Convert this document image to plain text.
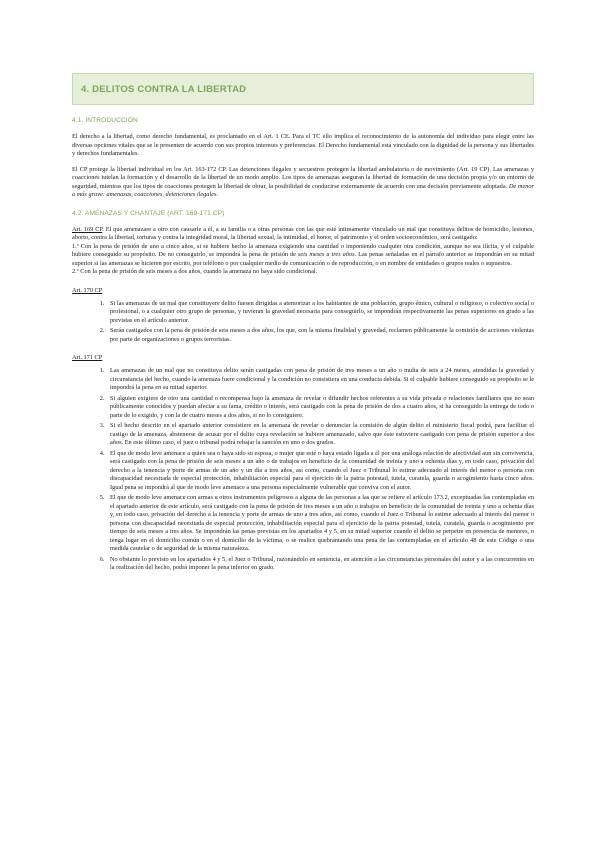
4. DELITOS CONTRA LA LIBERTAD
4.1. INTRODUCCIÓN

El derecho a la libertad, como derecho fundamental, es proclamado en el Art. 1 CE. Para el TC ello implica el reconocimiento de la autonomía del individuo para elegir entre las diversas opciones vitales que se le presenten de acuerdo con sus propios intereses y preferencias. El Derecho fundamental está vinculado con la dignidad de la persona y sus libertades y derechos fundamentales.

El CP protege la libertad individual en los Art. 163-172 CP. Las detenciones ilegales y secuestros protegen la libertad ambulatoria o de movimiento (Art. 19 CP). Las amenazas y coacciones tutelan la formación y el desarrollo de la libertad de un modo amplio. Los tipos de amenazas aseguran la libertad de formación de una decisión propia y/o un entorno de seguridad, mientras que los tipos de coacciones protegen la libertad de obrar, la posibilidad de conducirse externamente de acuerdo con una decisión previamente adoptada. De menor a más grave: amenazas, coacciones, detenciones ilegales.

4.2. AMENAZAS Y CHANTAJE (ART. 169-171 CP)

Art. 169 CP. El que amenazare a otro con causarle a él, a su familia o a otras personas con las que esté íntimamente vinculado un mal que constituya delitos de homicidio, lesiones, aborto, contra la libertad, torturas y contra la integridad moral, la libertad sexual, la intimidad, el honor, el patrimonio y el orden socioeconómico, será castigado:

1.º Con la pena de prisión de uno a cinco años, si se hubiere hecho la amenaza exigiendo una cantidad o imponiendo cualquier otra condición, aunque no sea ilícita, y el culpable hubiere conseguido su propósito. De no conseguirlo, se impondrá la pena de prisión de seis meses a tres años. Las penas señaladas en el párrafo anterior se impondrán en su mitad superior si las amenazas se hicieren por escrito, por teléfono o por cualquier medio de comunicación o de reproducción, o en nombre de entidades o grupos reales o supuestos.

2.º Con la pena de prisión de seis meses a dos años, cuando la amenaza no haya sido condicional.

Art. 170 CP
1. Si las amenazas de un mal que constituyere delito fuesen dirigidas a atemorizar a los habitantes de una población, grupo étnico, cultural o religioso, o colectivo social o profesional, o a cualquier otro grupo de personas, y tuvieran la gravedad necesaria para conseguirlo, se impondrán respectivamente las penas superiores en grado a las previstas en el artículo anterior.
2. Serán castigados con la pena de prisión de seis meses a dos años, los que, con la misma finalidad y gravedad, reclamen públicamente la comisión de acciones violentas por parte de organizaciones o grupos terroristas.
Art. 171 CP
1. Las amenazas de un mal que no constituya delito serán castigadas con pena de prisión de tres meses a un año o multa de seis a 24 meses, atendidas la gravedad y circunstancia del hecho, cuando la amenaza fuere condicional y la condición no consistiera en una conducta debida. Si el culpable hubiere conseguido su propósito se le impondrá la pena en su mitad superior.
2. Si alguien exigiere de otro una cantidad o recompensa bajo la amenaza de revelar o difundir hechos referentes a su vida privada o relaciones familiares que no sean públicamente conocidos y puedan afectar a su fama, crédito o interés, será castigado con la pena de prisión de dos a cuatro años, si ha conseguido la entrega de todo o parte de lo exigido, y con la de cuatro meses a dos años, si no lo consiguiere.
3. Si el hecho descrito en el apartado anterior consistiere en la amenaza de revelar o denunciar la comisión de algún delito el ministerio fiscal podrá, para facilitar el castigo de la amenaza, abstenerse de acusar por el delito cuya revelación se hubiere amenazado, salvo que éste estuviere castigado con pena de prisión superior a dos años. En este último caso, el juez o tribunal podrá rebajar la sanción en uno o dos grados.
4. El que de modo leve amenace a quien sea o haya sido su esposa, o mujer que esté o haya estado ligada a él por una análoga relación de afectividad aun sin convivencia, será castigado con la pena de prisión de seis meses a un año o de trabajos en beneficio de la comunidad de treinta y uno a ochenta días y, en todo caso, privación del derecho a la tenencia y porte de armas de un año y un día a tres años, así como, cuando el Juez o Tribunal lo estime adecuado al interés del menor o persona con discapacidad necesitada de especial protección, inhabilitación especial para el ejercicio de la patria potestad, tutela, curatela, guarda o acogimiento hasta cinco años. Igual pena se impondrá al que de modo leve amenace a una persona especialmente vulnerable que conviva con el autor.
5. El que de modo leve amenace con armas u otros instrumentos peligrosos a alguna de las personas a las que se refiere el artículo 173.2, exceptuadas las contempladas en el apartado anterior de este artículo, será castigado con la pena de prisión de tres meses a un año o trabajos en beneficio de la comunidad de treinta y uno a ochenta días y, en todo caso, privación del derecho a la tenencia y porte de armas de uno a tres años, así como, cuando el Juez o Tribunal lo estime adecuado al interés del menor o persona con discapacidad necesitada de especial protección, inhabilitación especial para el ejercicio de la patria potestad, tutela, curatela, guarda o acogimiento por tiempo de seis meses a tres años. Se impondrán las penas previstas en los apartados 4 y 5, en su mitad superior cuando el delito se perpetre en presencia de menores, o tenga lugar en el domicilio común o en el domicilio de la víctima, o se realice quebrantando una pena de las contempladas en el artículo 48 de este Código o una medida cautelar o de seguridad de la misma naturaleza.
6. No obstante lo previsto en los apartados 4 y 5, el Juez o Tribunal, razonándolo en sentencia, en atención a las circunstancias personales del autor y a las concurrentes en la realización del hecho, podrá imponer la pena inferior en grado.
